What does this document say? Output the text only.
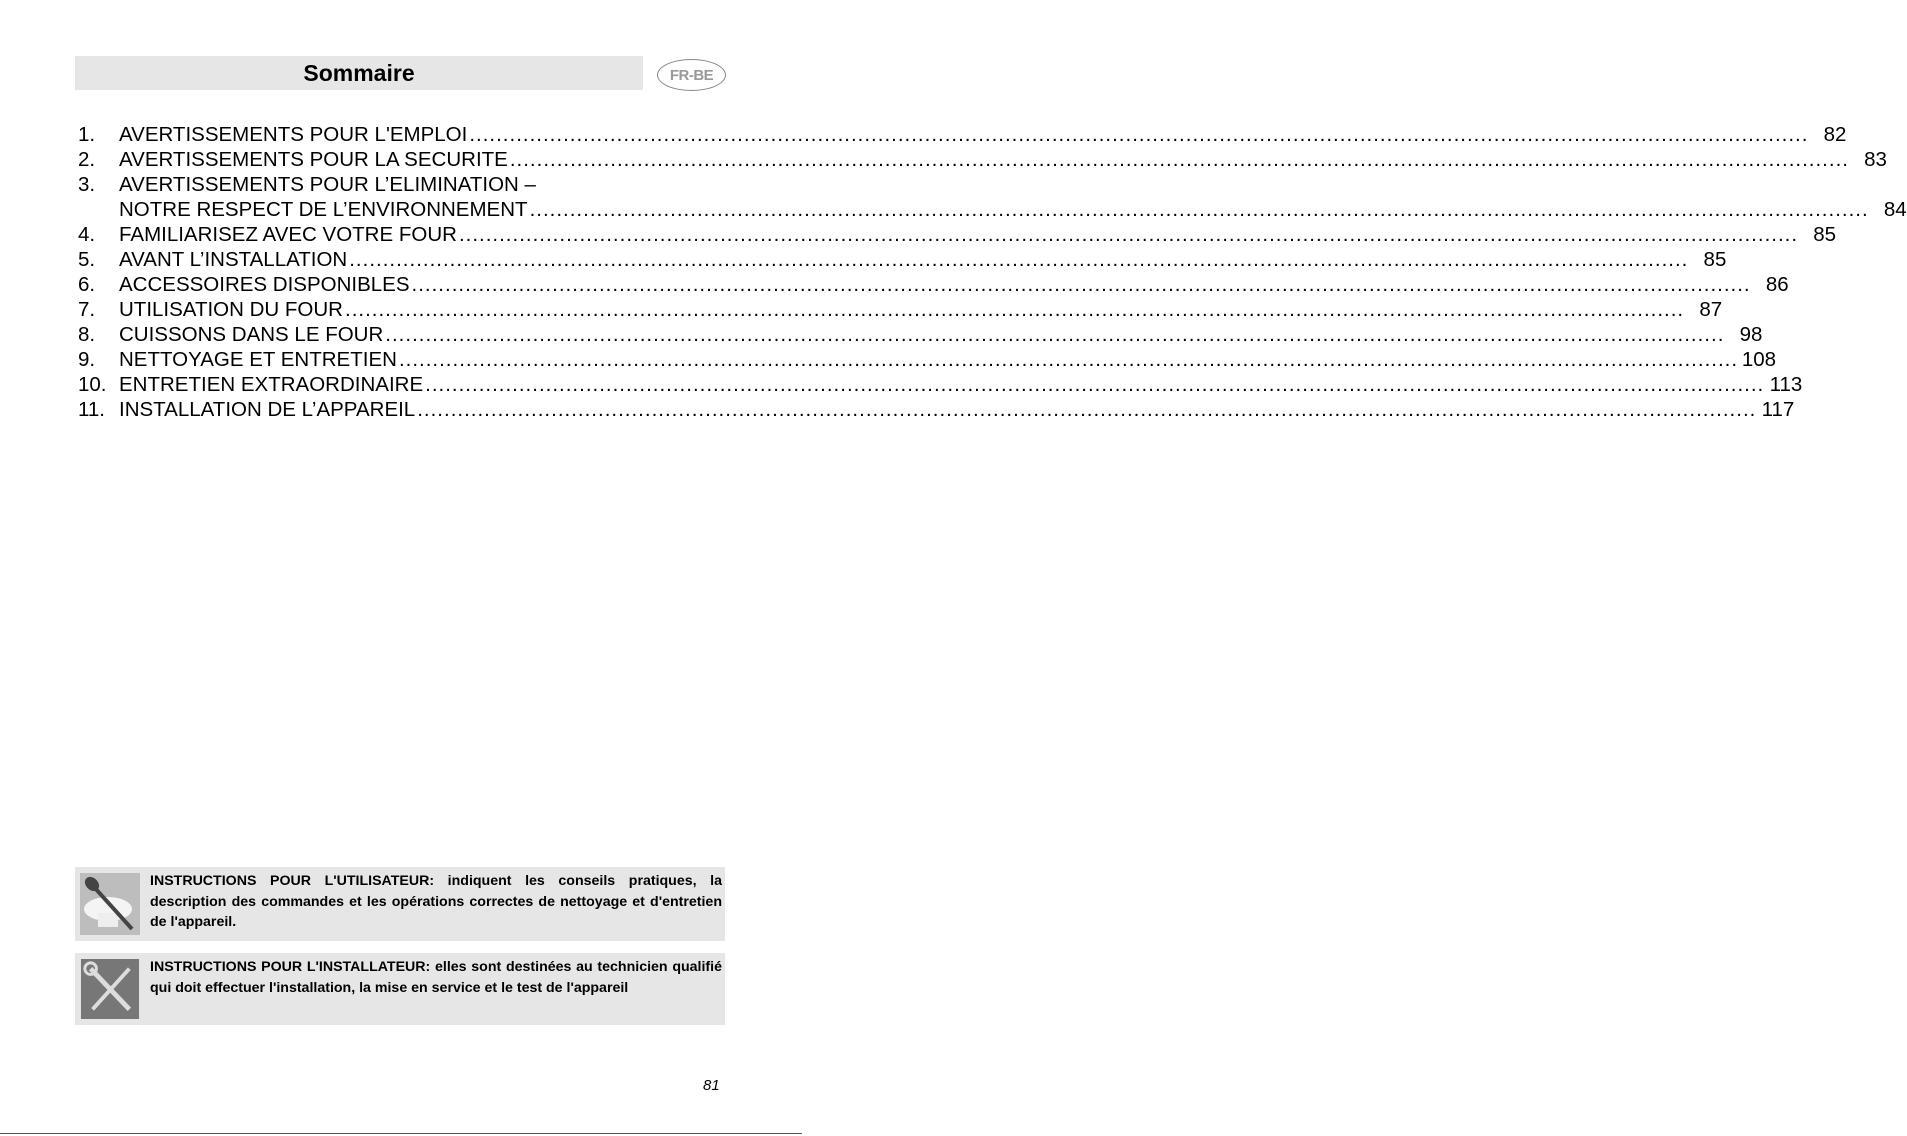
Sommaire	FR-BE
1.	AVERTISSEMENTS POUR L'EMPLOI ........................................................................................................................................................................................................ 82
2.	AVERTISSEMENTS POUR LA SECURITE ........................................................................................................................................................................................................ 83
3.	AVERTISSEMENTS POUR L’ELIMINATION –
NOTRE RESPECT DE L’ENVIRONNEMENT ........................................................................................................................................................................................................ 84
4.	FAMILIARISEZ AVEC VOTRE FOUR ........................................................................................................................................................................................................ 85
5.	AVANT L’INSTALLATION ........................................................................................................................................................................................................ 85
6.	ACCESSOIRES DISPONIBLES ........................................................................................................................................................................................................ 86
7.	UTILISATION DU FOUR ........................................................................................................................................................................................................ 87
8.	CUISSONS DANS LE FOUR ........................................................................................................................................................................................................ 98
9.	NETTOYAGE ET ENTRETIEN ........................................................................................................................................................................................................ 108
10. ENTRETIEN EXTRAORDINAIRE ........................................................................................................................................................................................................ 113
11. INSTALLATION DE L’APPAREIL ........................................................................................................................................................................................................ 117
INSTRUCTIONS POUR L'UTILISATEUR: indiquent les conseils pratiques, la description des commandes et les opérations correctes de nettoyage et d'entretien de l'appareil.
INSTRUCTIONS POUR L'INSTALLATEUR: elles sont destinées au technicien qualifié qui doit effectuer l'installation, la mise en service et le test de l'appareil
81
